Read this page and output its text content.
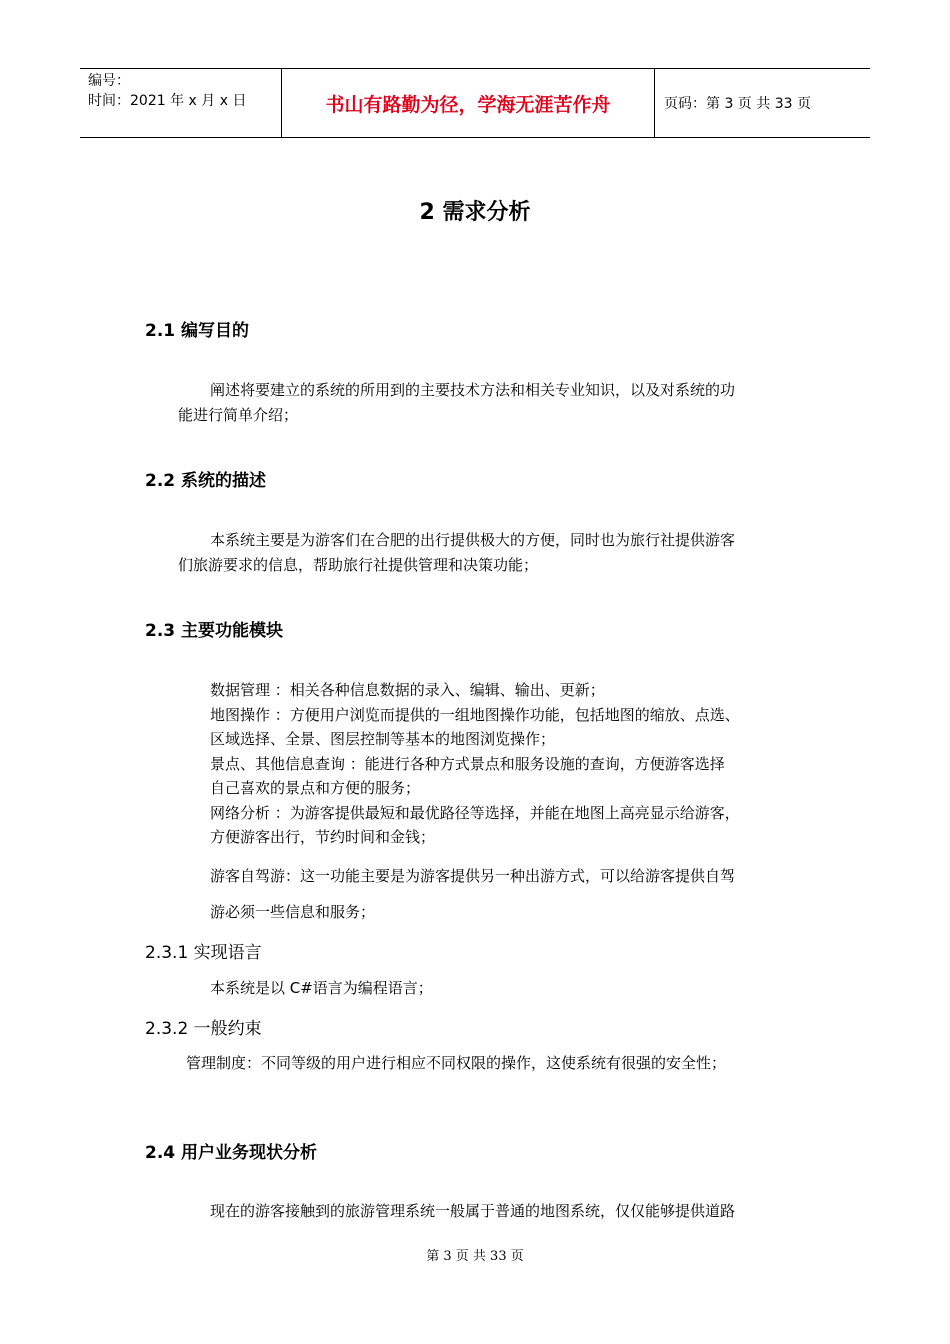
编号：
时间：2021 年 x 月 x 日	书山有路勤为径，学海无涯苦作舟	页码：第 3 页 共 33 页
2 需求分析
2.1 编写目的
阐述将要建立的系统的所用到的主要技术方法和相关专业知识，以及对系统的功
能进行简单介绍；
2.2 系统的描述
本系统主要是为游客们在合肥的出行提供极大的方便，同时也为旅行社提供游客
们旅游要求的信息，帮助旅行社提供管理和决策功能；
2.3 主要功能模块
数据管理 ：相关各种信息数据的录入、编辑、输出、更新；
地图操作 ：方便用户浏览而提供的一组地图操作功能，包括地图的缩放、点选、
区域选择、全景、图层控制等基本的地图浏览操作；
景点、其他信息查询 ：能进行各种方式景点和服务设施的查询，方便游客选择
自己喜欢的景点和方便的服务；
网络分析 ：为游客提供最短和最优路径等选择，并能在地图上高亮显示给游客，
方便游客出行，节约时间和金钱；
游客自驾游：这一功能主要是为游客提供另一种出游方式，可以给游客提供自驾
游必须一些信息和服务；
2.3.1 实现语言
本系统是以 C#语言为编程语言；
2.3.2 一般约束
管理制度：不同等级的用户进行相应不同权限的操作，这使系统有很强的安全性；
2.4 用户业务现状分析
现在的游客接触到的旅游管理系统一般属于普通的地图系统，仅仅能够提供道路
第 3 页 共 33 页
